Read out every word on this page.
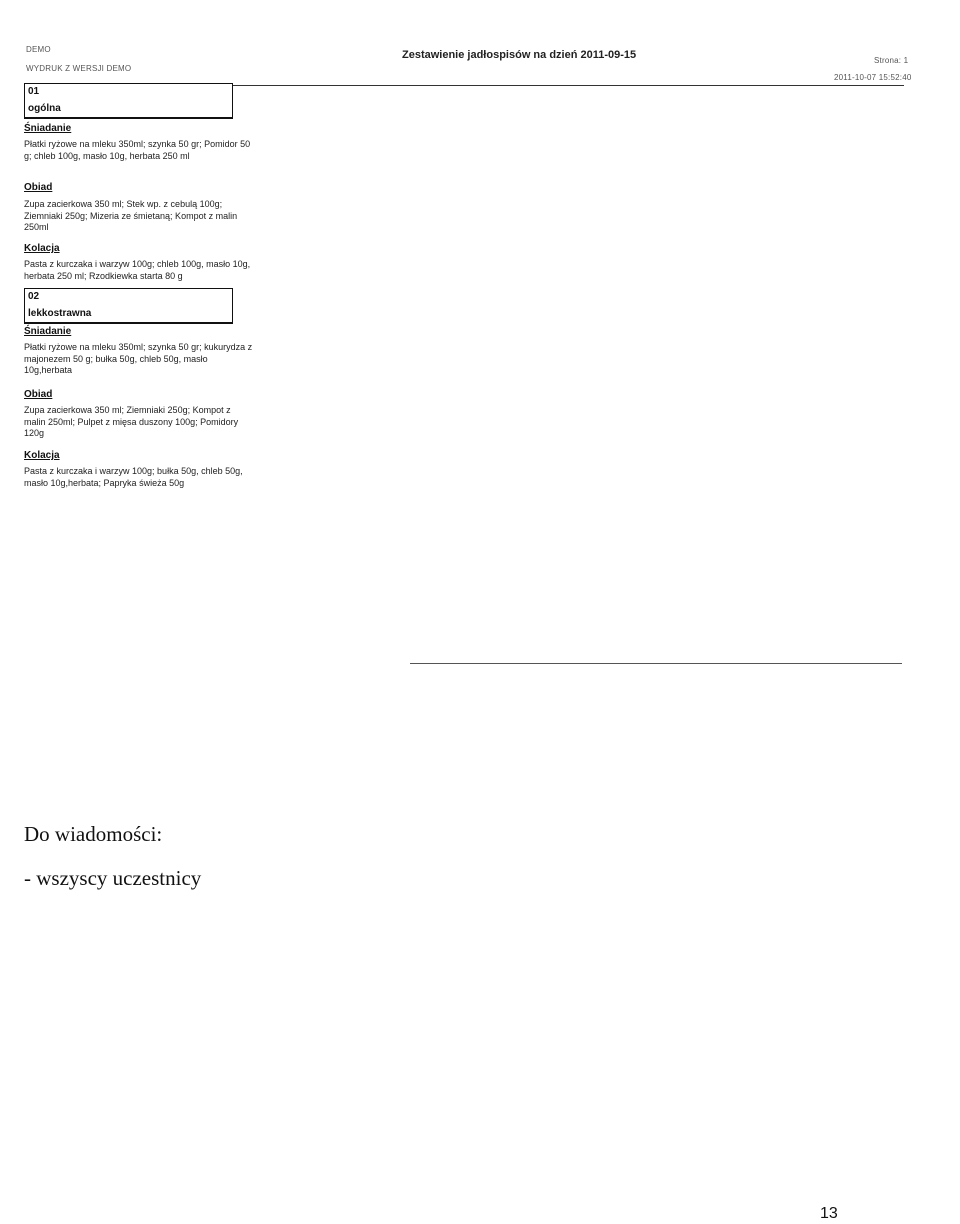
DEMO
WYDRUK Z WERSJI DEMO
Zestawienie jadłospisów na dzień 2011-09-15	Strona: 1
2011-10-07 15:52:40
01
ogólna
Śniadanie
Płatki ryżowe na mleku 350ml; szynka 50 gr; Pomidor 50 g; chleb 100g, masło 10g, herbata 250 ml
Obiad
Zupa zacierkowa 350 ml; Stek wp. z cebulą 100g; Ziemniaki 250g; Mizeria ze śmietaną; Kompot z malin 250ml
Kolacja
Pasta z kurczaka i warzyw 100g; chleb 100g, masło 10g, herbata 250 ml; Rzodkiewka starta 80 g
02
lekkostrawna
Śniadanie
Płatki ryżowe na mleku 350ml; szynka 50 gr; kukurydza z majonezem 50 g; bułka 50g, chleb 50g, masło 10g,herbata
Obiad
Zupa zacierkowa 350 ml; Ziemniaki 250g; Kompot z malin 250ml; Pulpet z mięsa duszony 100g; Pomidory 120g
Kolacja
Pasta z kurczaka i warzyw 100g; bułka 50g, chleb 50g, masło 10g,herbata; Papryka świeża 50g
Do wiadomości:
- wszyscy uczestnicy
13
